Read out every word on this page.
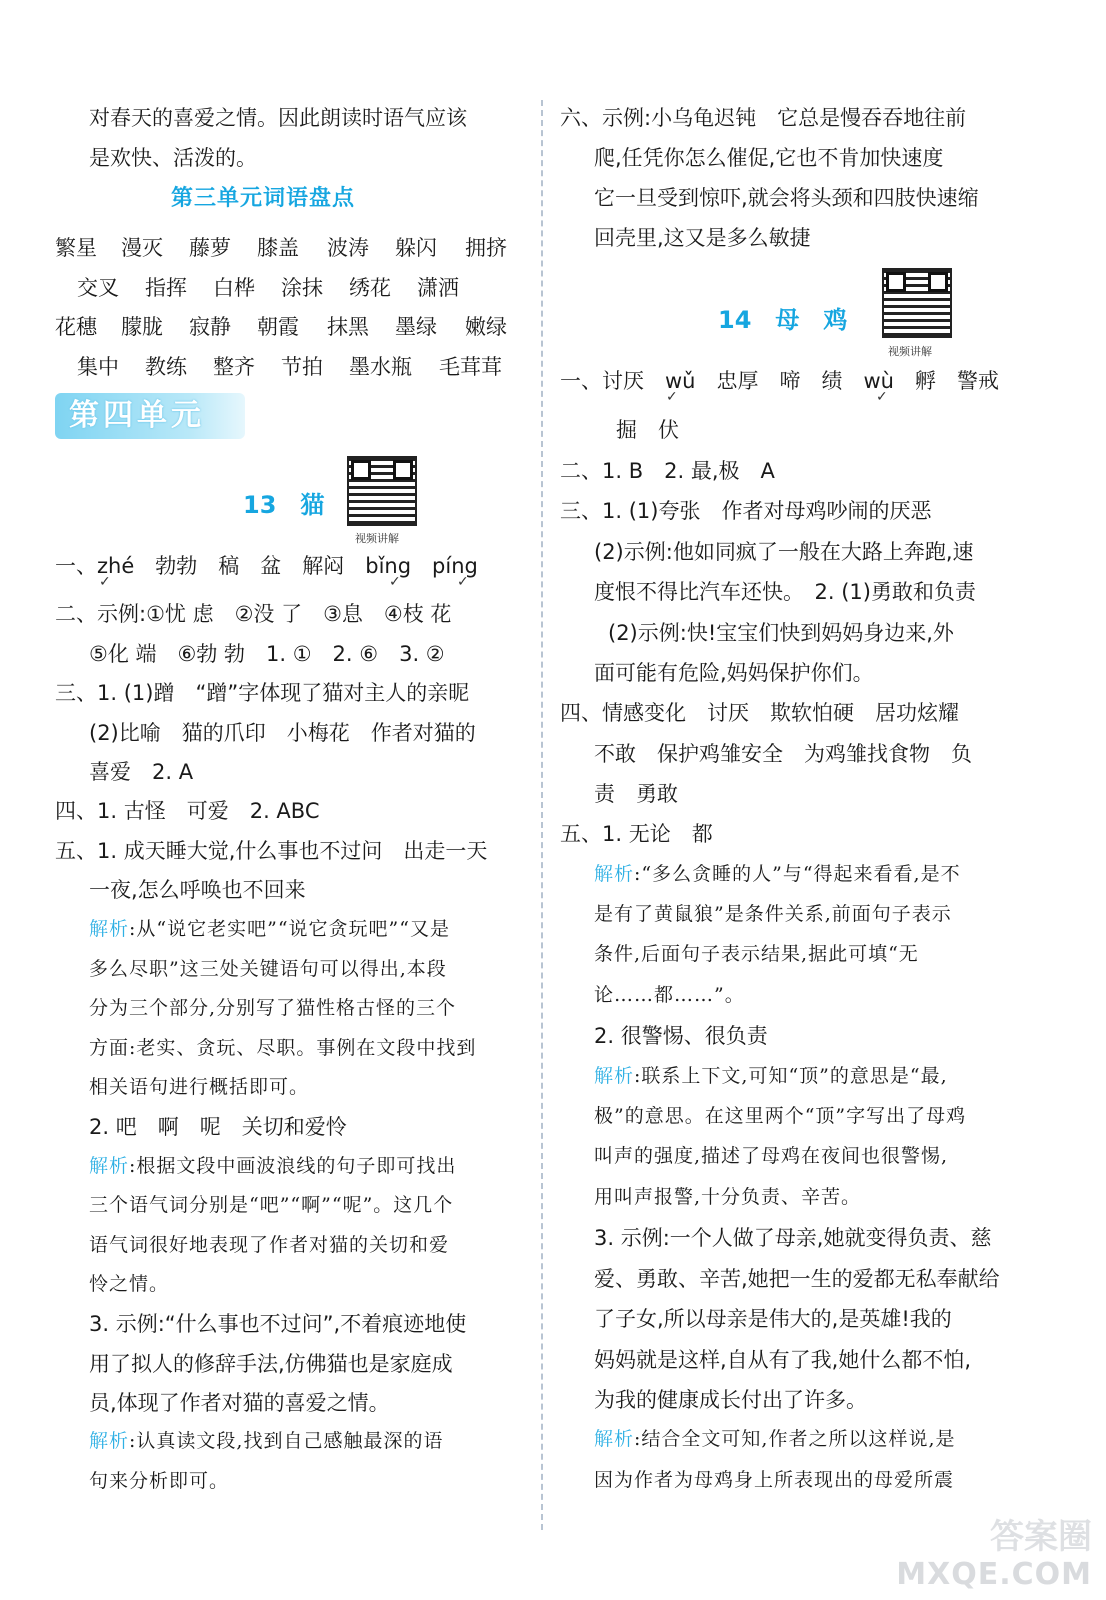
对春天的喜爱之情。因此朗读时语气应该
是欢快、活泼的。
第三单元词语盘点
繁星 漫灭 藤萝 膝盖 波涛 躲闪 拥挤
交叉 指挥 白桦 涂抹 绣花 潇洒
花穗 朦胧 寂静 朝霞 抹黑 墨绿 嫩绿
集中 教练 整齐 节拍 墨水瓶 毛茸茸
第四单元
13　猫
视频讲解
一、zhé　勃勃　稿　盆　解闷　bǐng　píng
✓	✓	✓
二、示例:①忧 虑　②没 了　③息　④枝 花
⑤化 端　⑥勃 勃　1. ①　2. ⑥　3. ②
三、1. (1)蹭　“蹭”字体现了猫对主人的亲昵
(2)比喻　猫的爪印　小梅花　作者对猫的
喜爱　2. A
四、1. 古怪　可爱　2. ABC
五、1. 成天睡大觉,什么事也不过问　出走一天
一夜,怎么呼唤也不回来
解析:从“说它老实吧”“说它贪玩吧”“又是
多么尽职”这三处关键语句可以得出,本段
分为三个部分,分别写了猫性格古怪的三个
方面:老实、贪玩、尽职。事例在文段中找到
相关语句进行概括即可。
2. 吧　啊　呢　关切和爱怜
解析:根据文段中画波浪线的句子即可找出
三个语气词分别是“吧”“啊”“呢”。这几个
语气词很好地表现了作者对猫的关切和爱
怜之情。
3. 示例:“什么事也不过问”,不着痕迹地使
用了拟人的修辞手法,仿佛猫也是家庭成
员,体现了作者对猫的喜爱之情。
解析:认真读文段,找到自己感触最深的语
句来分析即可。
六、示例:小乌龟迟钝　它总是慢吞吞地往前
爬,任凭你怎么催促,它也不肯加快速度
它一旦受到惊吓,就会将头颈和四肢快速缩
回壳里,这又是多么敏捷
14　母　鸡
视频讲解
一、讨厌　wǔ　忠厚　啼　绩　wù　孵　警戒
✓	✓
掘　伏
二、1. B　2. 最,极　A
三、1. (1)夸张　作者对母鸡吵闹的厌恶
(2)示例:他如同疯了一般在大路上奔跑,速
度恨不得比汽车还快。　2. (1)勇敢和负责
(2)示例:快!宝宝们快到妈妈身边来,外
面可能有危险,妈妈保护你们。
四、情感变化　讨厌　欺软怕硬　居功炫耀
不敢　保护鸡雏安全　为鸡雏找食物　负
责　勇敢
五、1. 无论　都
解析:“多么贪睡的人”与“得起来看看,是不
是有了黄鼠狼”是条件关系,前面句子表示
条件,后面句子表示结果,据此可填“无
论……都……”。
2. 很警惕、很负责
解析:联系上下文,可知“顶”的意思是“最,
极”的意思。在这里两个“顶”字写出了母鸡
叫声的强度,描述了母鸡在夜间也很警惕,
用叫声报警,十分负责、辛苦。
3. 示例:一个人做了母亲,她就变得负责、慈
爱、勇敢、辛苦,她把一生的爱都无私奉献给
了子女,所以母亲是伟大的,是英雄!我的
妈妈就是这样,自从有了我,她什么都不怕,
为我的健康成长付出了许多。
解析:结合全文可知,作者之所以这样说,是
因为作者为母鸡身上所表现出的母爱所震
答案圈
MXQE.COM
